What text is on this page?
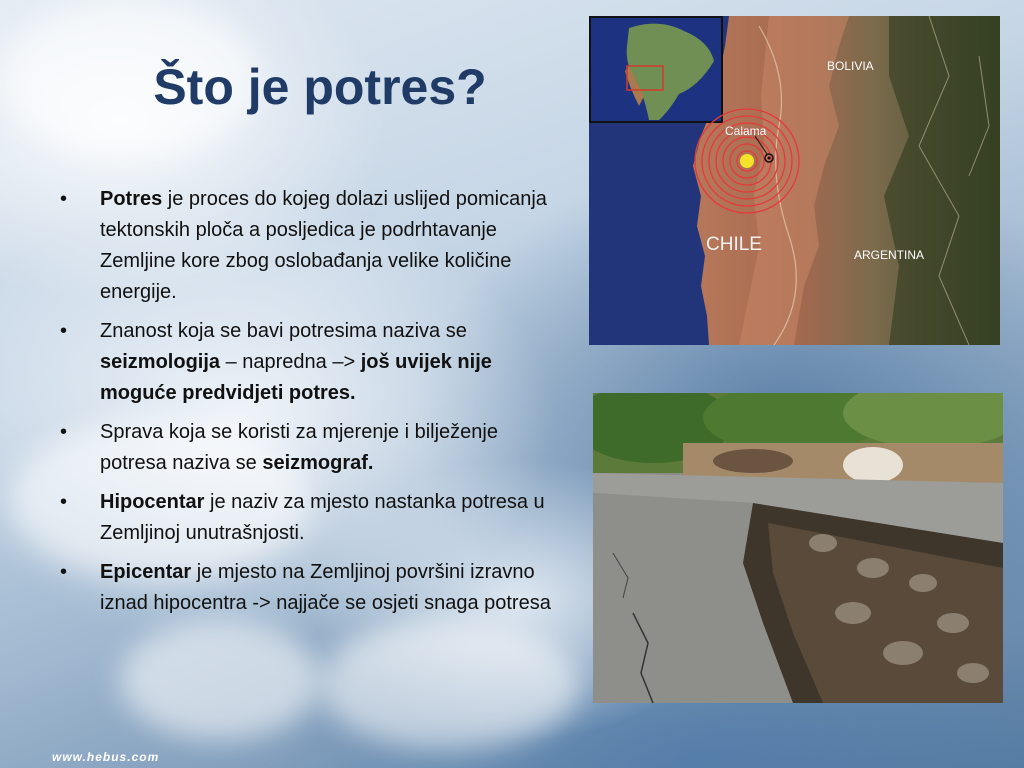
Što je potres?
• Potres je proces do kojeg dolazi uslijed pomicanja tektonskih ploča a posljedica je podrhtavanje Zemljine kore zbog oslobađanja velike količine energije.
• Znanost koja se bavi potresima naziva se seizmologija – napredna –> još uvijek nije moguće predvidjeti potres.
• Sprava koja se koristi za mjerenje i bilježenje potresa naziva se seizmograf.
• Hipocentar je naziv za mjesto nastanka potresa u Zemljinoj unutrašnjosti.
• Epicentar je mjesto na Zemljinoj površini izravno iznad hipocentra -> najjače se osjeti snaga potresa
Calama
BOLIVIA
CHILE	ARGENTINA
www.hebus.com
